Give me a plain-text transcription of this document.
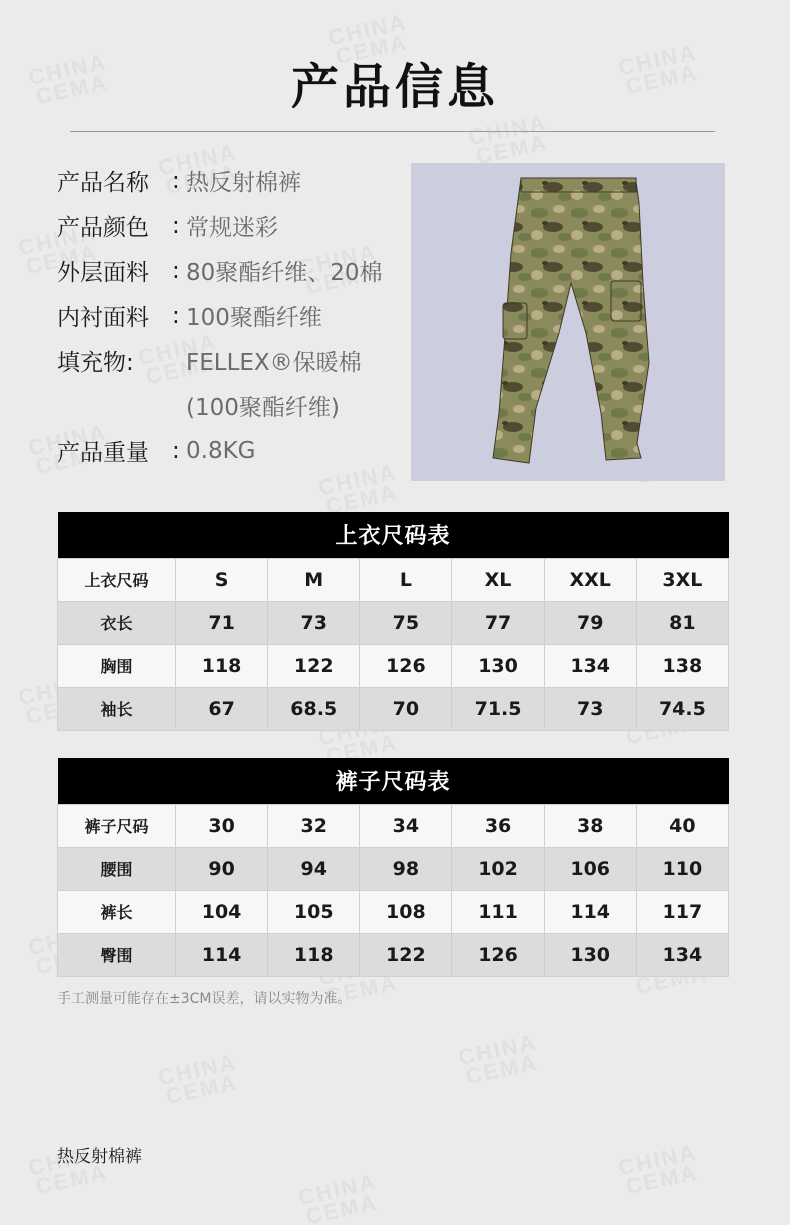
产品信息
产品名称	: 热反射棉裤
产品颜色	: 常规迷彩
外层面料	: 80聚酯纤维、20棉
内衬面料	: 100聚酯纤维
填充物:	FELLEX®保暖棉
(100聚酯纤维)
产品重量	: 0.8KG
上衣尺码表						
上衣尺码	S	M	L	XL	XXL	3XL
衣长	71	73	75	77	79	81
胸围	118	122	126	130	134	138
袖长	67	68.5	70	71.5	73	74.5
裤子尺码表						
裤子尺码	30	32	34	36	38	40
腰围	90	94	98	102	106	110
裤长	104	105	108	111	114	117
臀围	114	118	122	126	130	134
手工测量可能存在±3CM误差，请以实物为准。
热反射棉裤
